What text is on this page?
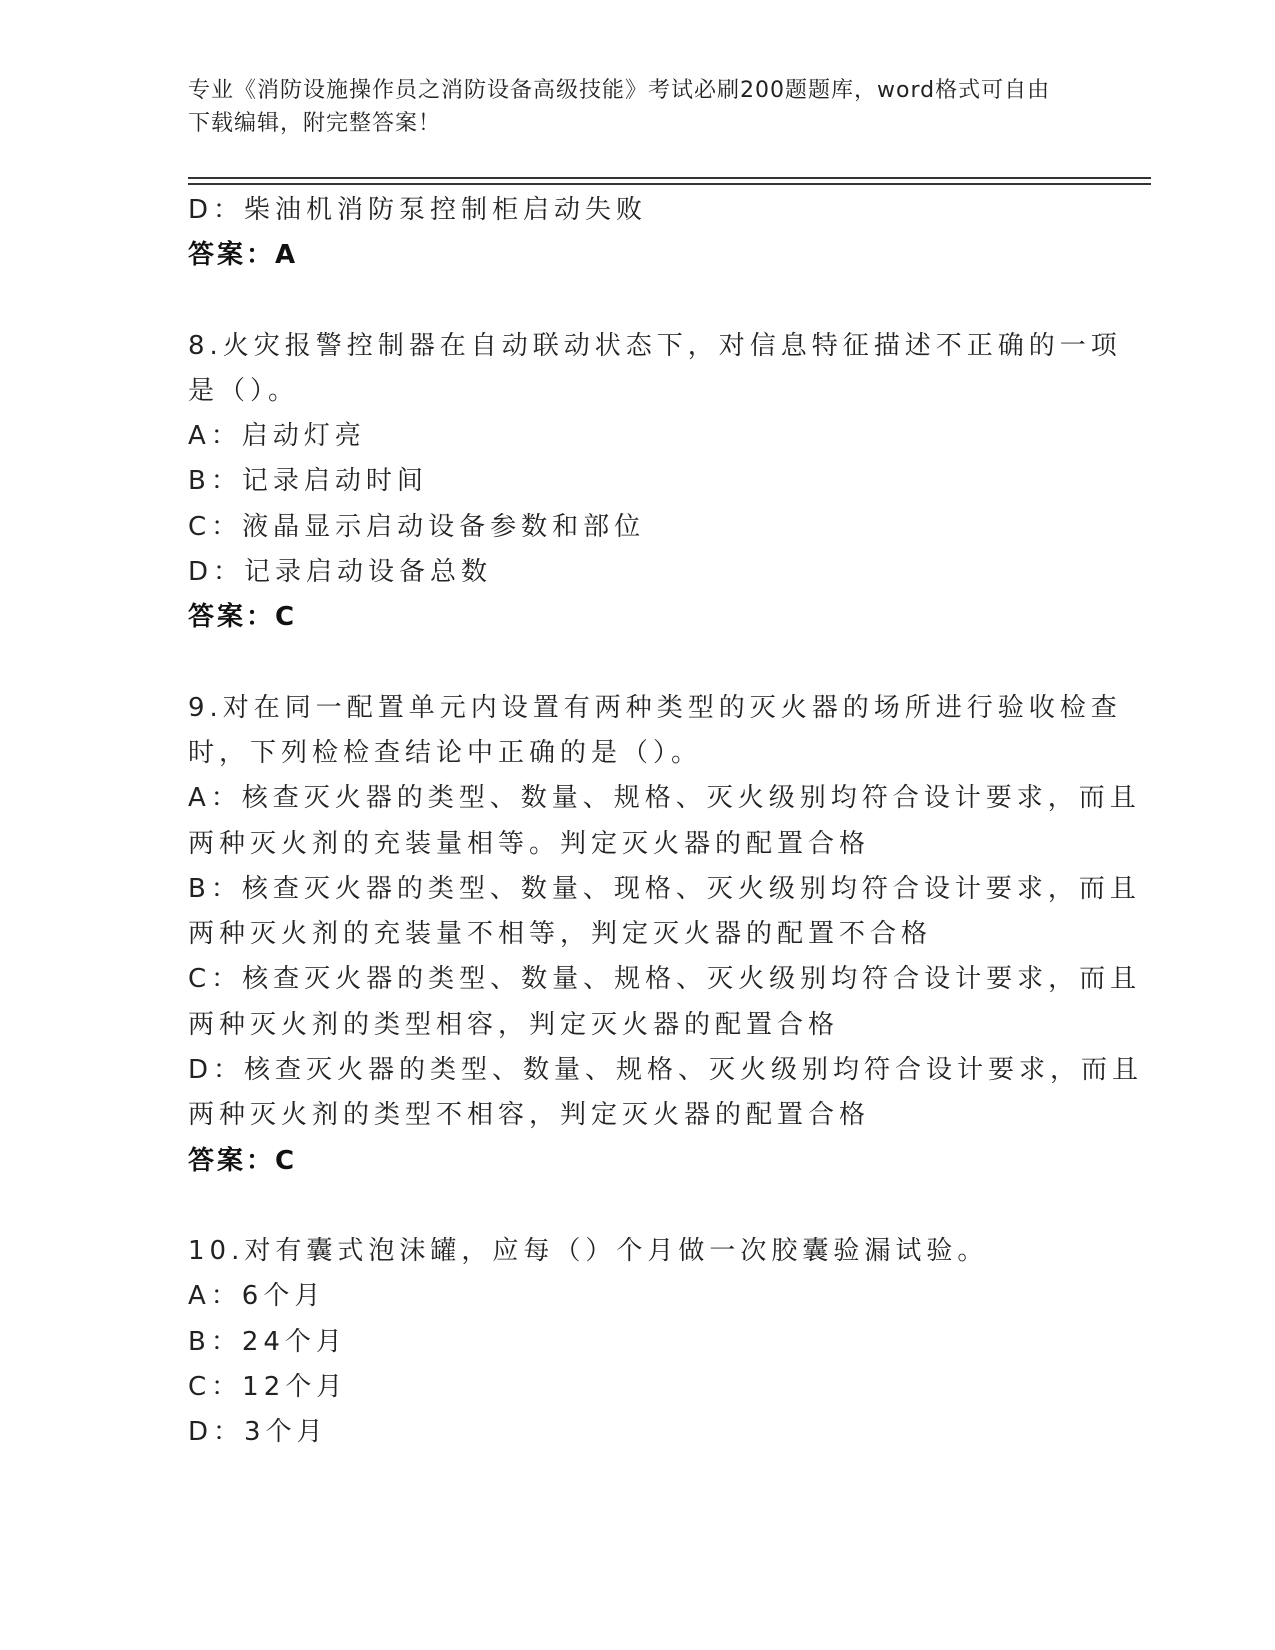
专业《消防设施操作员之消防设备高级技能》考试必刷200题题库，word格式可自由下载编辑，附完整答案！
D：柴油机消防泵控制柜启动失败
答案：A
8.火灾报警控制器在自动联动状态下，对信息特征描述不正确的一项
是（）。
A：启动灯亮
B：记录启动时间
C：液晶显示启动设备参数和部位
D：记录启动设备总数
答案：C
9.对在同一配置单元内设置有两种类型的灭火器的场所进行验收检查
时，下列检检查结论中正确的是（）。
A：核查灭火器的类型、数量、规格、灭火级别均符合设计要求，而且
两种灭火剂的充装量相等。判定灭火器的配置合格
B：核查灭火器的类型、数量、现格、灭火级别均符合设计要求，而且
两种灭火剂的充装量不相等，判定灭火器的配置不合格
C：核查灭火器的类型、数量、规格、灭火级别均符合设计要求，而且
两种灭火剂的类型相容，判定灭火器的配置合格
D：核查灭火器的类型、数量、规格、灭火级别均符合设计要求，而且
两种灭火剂的类型不相容，判定灭火器的配置合格
答案：C
10.对有囊式泡沫罐，应每（）个月做一次胶囊验漏试验。
A：6个月
B：24个月
C：12个月
D：3个月
